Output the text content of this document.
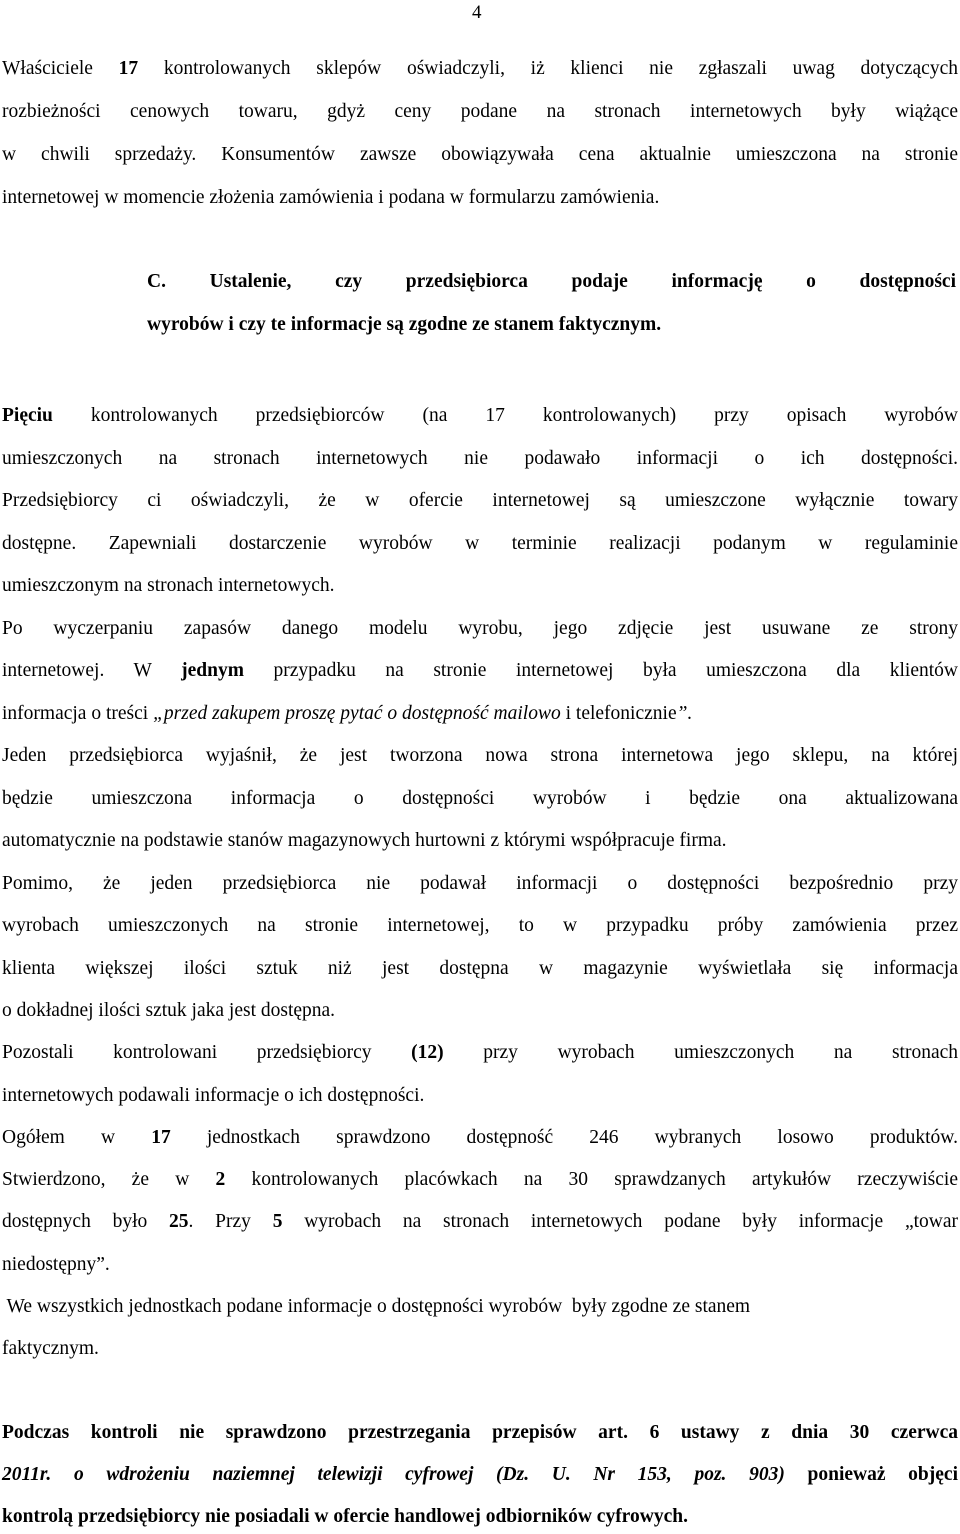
4
Właściciele 17 kontrolowanych sklepów oświadczyli, iż klienci nie zgłaszali uwag dotyczących
rozbieżności cenowych towaru, gdyż ceny podane na stronach internetowych były wiążące
w chwili sprzedaży. Konsumentów zawsze obowiązywała cena aktualnie umieszczona na stronie
internetowej w momencie złożenia zamówienia i podana w formularzu zamówienia.
C. Ustalenie, czy przedsiębiorca podaje informację o dostępności
wyrobów i czy te informacje są zgodne ze stanem faktycznym.
Pięciu kontrolowanych przedsiębiorców (na 17 kontrolowanych) przy opisach wyrobów
umieszczonych na stronach internetowych nie podawało informacji o ich dostępności.
Przedsiębiorcy ci oświadczyli, że w ofercie internetowej są umieszczone wyłącznie towary
dostępne. Zapewniali dostarczenie wyrobów w terminie realizacji podanym w regulaminie
umieszczonym na stronach internetowych.
Po wyczerpaniu zapasów danego modelu wyrobu, jego zdjęcie jest usuwane ze strony
internetowej. W jednym przypadku na stronie internetowej była umieszczona dla klientów
informacja o treści „przed zakupem proszę pytać o dostępność mailowo i telefonicznie”.
Jeden przedsiębiorca wyjaśnił, że jest tworzona nowa strona internetowa jego sklepu, na której
będzie umieszczona informacja o dostępności wyrobów i będzie ona aktualizowana
automatycznie na podstawie stanów magazynowych hurtowni z którymi współpracuje firma.
Pomimo, że jeden przedsiębiorca nie podawał informacji o dostępności bezpośrednio przy
wyrobach umieszczonych na stronie internetowej, to w przypadku próby zamówienia przez
klienta większej ilości sztuk niż jest dostępna w magazynie wyświetlała się informacja
o dokładnej ilości sztuk jaka jest dostępna.
Pozostali kontrolowani przedsiębiorcy (12) przy wyrobach umieszczonych na stronach
internetowych podawali informacje o ich dostępności.
Ogółem w 17 jednostkach sprawdzono dostępność 246 wybranych losowo produktów.
Stwierdzono, że w 2 kontrolowanych placówkach na 30 sprawdzanych artykułów rzeczywiście
dostępnych było 25. Przy 5 wyrobach na stronach internetowych podane były informacje „towar
niedostępny”.
We wszystkich jednostkach podane informacje o dostępności wyrobów  były zgodne ze stanem
faktycznym.
Podczas kontroli nie sprawdzono przestrzegania przepisów art. 6 ustawy z dnia 30 czerwca
2011r. o wdrożeniu naziemnej telewizji cyfrowej (Dz. U. Nr 153, poz. 903) ponieważ objęci
kontrolą przedsiębiorcy nie posiadali w ofercie handlowej odbiorników cyfrowych.
